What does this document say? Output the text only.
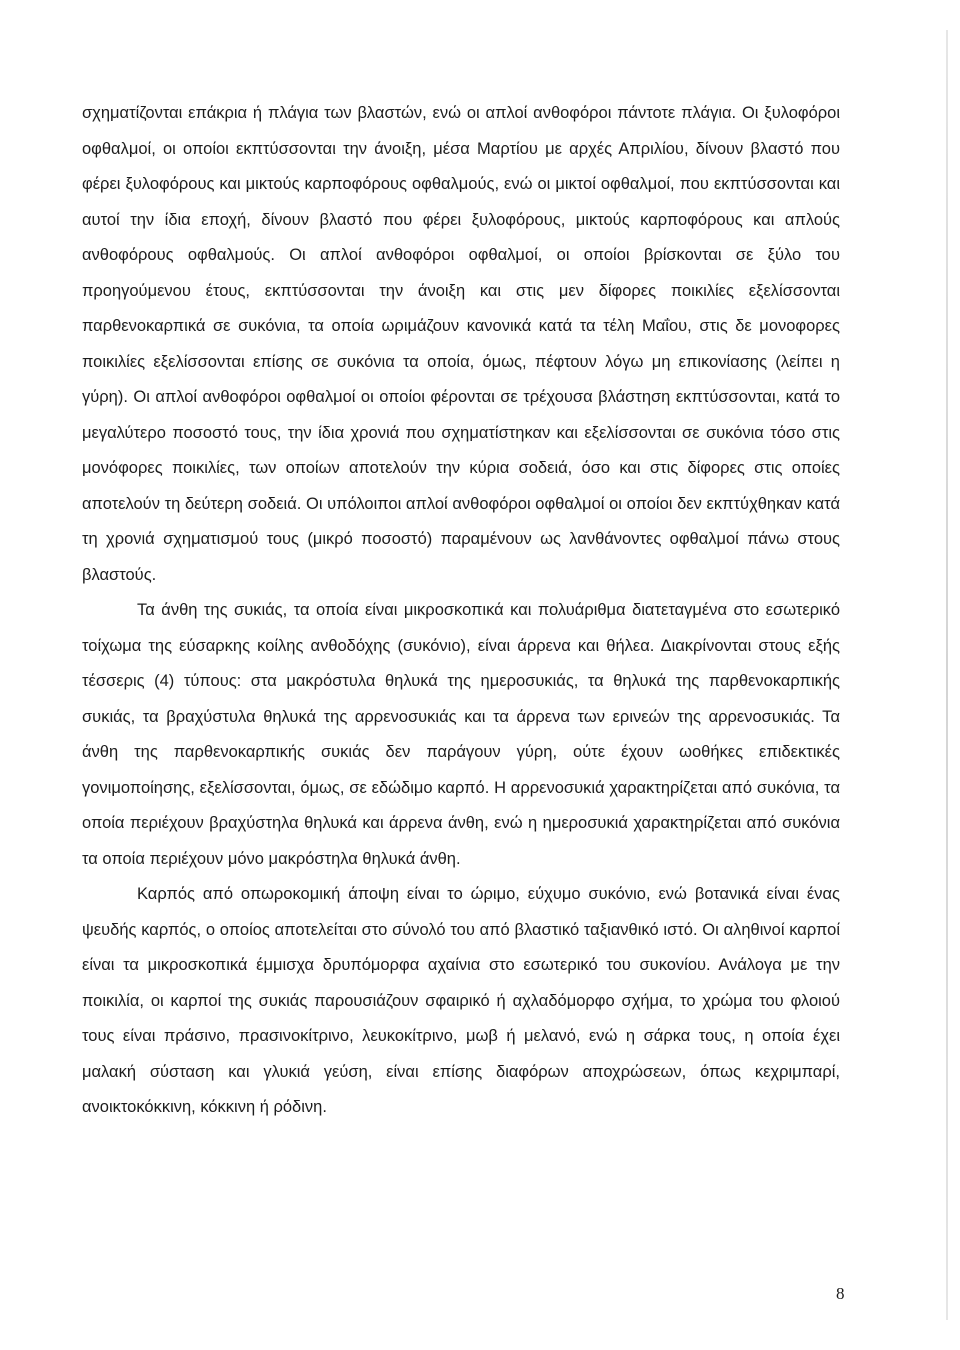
σχηματίζονται επάκρια ή πλάγια των βλαστών, ενώ οι απλοί ανθοφόροι πάντοτε πλάγια. Οι ξυλοφόροι οφθαλμοί, οι οποίοι εκπτύσσονται την άνοιξη, μέσα Μαρτίου με αρχές Απριλίου, δίνουν βλαστό που φέρει ξυλοφόρους και μικτούς καρποφόρους οφθαλμούς, ενώ οι μικτοί οφθαλμοί, που εκπτύσσονται και αυτοί την ίδια εποχή, δίνουν βλαστό που φέρει ξυλοφόρους, μικτούς καρποφόρους και απλούς ανθοφόρους οφθαλμούς. Οι απλοί ανθοφόροι οφθαλμοί, οι οποίοι βρίσκονται σε ξύλο του προηγούμενου έτους, εκπτύσσονται την άνοιξη και στις μεν δίφορες ποικιλίες εξελίσσονται παρθενοκαρπικά σε συκόνια, τα οποία ωριμάζουν κανονικά κατά τα τέλη Μαΐου, στις δε μονοφορες ποικιλίες εξελίσσονται επίσης σε συκόνια τα οποία, όμως, πέφτουν λόγω μη επικονίασης (λείπει η γύρη). Οι απλοί ανθοφόροι οφθαλμοί οι οποίοι φέρονται σε τρέχουσα βλάστηση εκπτύσσονται, κατά το μεγαλύτερο ποσοστό τους, την ίδια χρονιά που σχηματίστηκαν και εξελίσσονται σε συκόνια τόσο στις μονόφορες ποικιλίες, των οποίων αποτελούν την κύρια σοδειά, όσο και στις δίφορες στις οποίες αποτελούν τη δεύτερη σοδειά. Οι υπόλοιποι απλοί ανθοφόροι οφθαλμοί οι οποίοι δεν εκπτύχθηκαν κατά τη χρονιά σχηματισμού τους (μικρό ποσοστό) παραμένουν ως λανθάνοντες οφθαλμοί πάνω στους βλαστούς.

Τα άνθη της συκιάς, τα οποία είναι μικροσκοπικά και πολυάριθμα διατεταγμένα στο εσωτερικό τοίχωμα της εύσαρκης κοίλης ανθοδόχης (συκόνιο), είναι άρρενα και θήλεα. Διακρίνονται στους εξής τέσσερις (4) τύπους: στα μακρόστυλα θηλυκά της ημεροσυκιάς, τα θηλυκά της παρθενοκαρπικής συκιάς, τα βραχύστυλα θηλυκά της αρρενοσυκιάς και τα άρρενα των ερινεών της αρρενοσυκιάς. Τα άνθη της παρθενοκαρπικής συκιάς δεν παράγουν γύρη, ούτε έχουν ωοθήκες επιδεκτικές γονιμοποίησης, εξελίσσονται, όμως, σε εδώδιμο καρπό. Η αρρενοσυκιά χαρακτηρίζεται από συκόνια, τα οποία περιέχουν βραχύστηλα θηλυκά και άρρενα άνθη, ενώ η ημεροσυκιά χαρακτηρίζεται από συκόνια τα οποία περιέχουν μόνο μακρόστηλα θηλυκά άνθη.

Καρπός από οπωροκομική άποψη είναι το ώριμο, εύχυμο συκόνιο, ενώ βοτανικά είναι ένας ψευδής καρπός, ο οποίος αποτελείται στο σύνολό του από βλαστικό ταξιανθικό ιστό. Οι αληθινοί καρποί είναι τα μικροσκοπικά έμμισχα δρυπόμορφα αχαίνια στο εσωτερικό του συκονίου. Ανάλογα με την ποικιλία, οι καρποί της συκιάς παρουσιάζουν σφαιρικό ή αχλαδόμορφο σχήμα, το χρώμα του φλοιού τους είναι πράσινο, πρασινοκίτρινο, λευκοκίτρινο, μωβ ή μελανό, ενώ η σάρκα τους, η οποία έχει μαλακή σύσταση και γλυκιά γεύση, είναι επίσης διαφόρων αποχρώσεων, όπως κεχριμπαρί, ανοικτοκόκκινη, κόκκινη ή ρόδινη.

8
